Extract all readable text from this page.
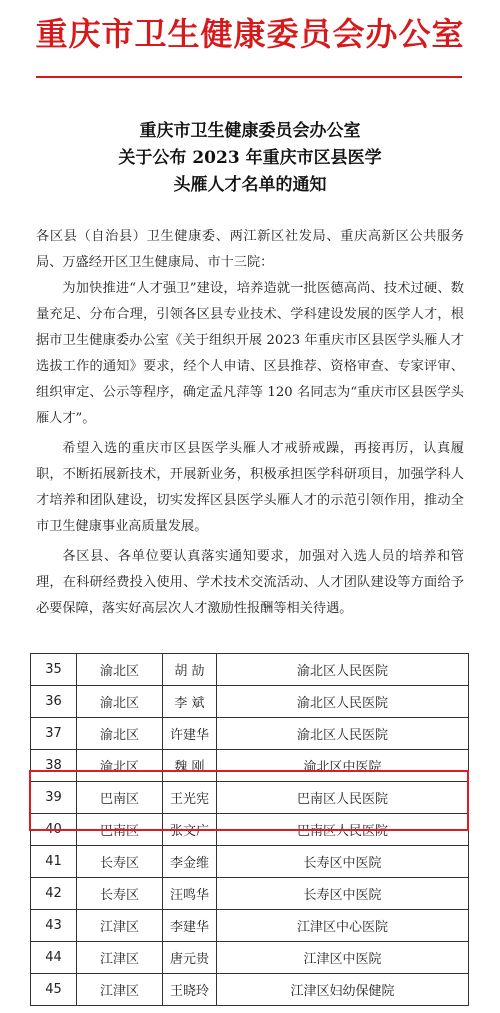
重庆市卫生健康委员会办公室
重庆市卫生健康委员会办公室
关于公布 2023 年重庆市区县医学
头雁人才名单的通知

各区县（自治县）卫生健康委、两江新区社发局、重庆高新区公共服务局、万盛经开区卫生健康局、市十三院：

为加快推进“人才强卫”建设，培养造就一批医德高尚、技术过硬、数量充足、分布合理，引领各区县专业技术、学科建设发展的医学人才，根据市卫生健康委办公室《关于组织开展 2023 年重庆市区县医学头雁人才选拔工作的通知》要求，经个人申请、区县推荐、资格审查、专家评审、组织审定、公示等程序，确定孟凡萍等 120 名同志为“重庆市区县医学头雁人才”。

希望入选的重庆市区县医学头雁人才戒骄戒躁，再接再厉，认真履职，不断拓展新技术，开展新业务，积极承担医学科研项目，加强学科人才培养和团队建设，切实发挥区县医学头雁人才的示范引领作用，推动全市卫生健康事业高质量发展。

各区县、各单位要认真落实通知要求，加强对入选人员的培养和管理，在科研经费投入使用、学术技术交流活动、人才团队建设等方面给予必要保障，落实好高层次人才激励性报酬等相关待遇。

35	渝北区	胡 劼	渝北区人民医院
36	渝北区	李 斌	渝北区人民医院
37	渝北区	许建华	渝北区人民医院
38	渝北区	魏 刚	渝北区中医院
39	巴南区	王光宪	巴南区人民医院
40	巴南区	张文广	巴南区人民医院
41	长寿区	李金维	长寿区中医院
42	长寿区	汪鸣华	长寿区中医院
43	江津区	李建华	江津区中心医院
44	江津区	唐元贵	江津区中医院
45	江津区	王晓玲	江津区妇幼保健院
